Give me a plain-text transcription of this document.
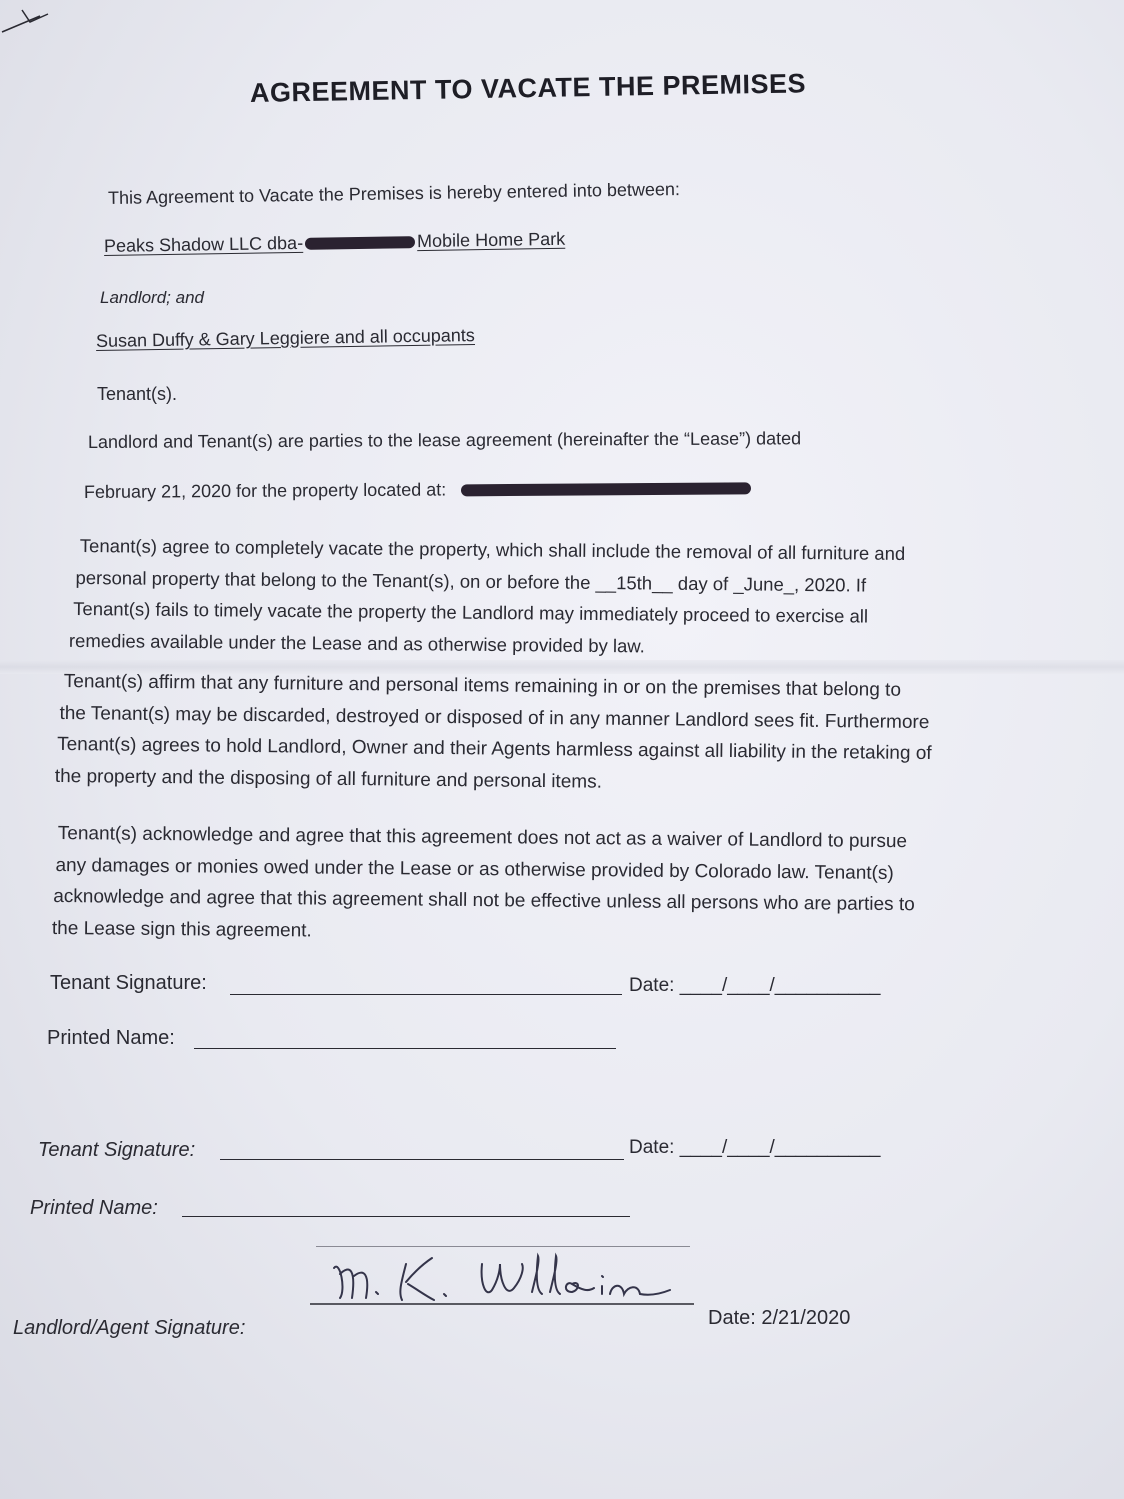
AGREEMENT TO VACATE THE PREMISES
This Agreement to Vacate the Premises is hereby entered into between:
Peaks Shadow LLC dba-	Mobile Home Park
Landlord; and
Susan Duffy & Gary Leggiere and all occupants
Tenant(s).
Landlord and Tenant(s) are parties to the lease agreement (hereinafter the “Lease”) dated
February 21, 2020 for the property located at:

Tenant(s) agree to completely vacate the property, which shall include the removal of all furniture and

personal property that belong to the Tenant(s), on or before the __15th__ day of _June_, 2020. If

Tenant(s) fails to timely vacate the property the Landlord may immediately proceed to exercise all

remedies available under the Lease and as otherwise provided by law.

Tenant(s) affirm that any furniture and personal items remaining in or on the premises that belong to

the Tenant(s) may be discarded, destroyed or disposed of in any manner Landlord sees fit. Furthermore

Tenant(s) agrees to hold Landlord, Owner and their Agents harmless against all liability in the retaking of

the property and the disposing of all furniture and personal items.

Tenant(s) acknowledge and agree that this agreement does not act as a waiver of Landlord to pursue

any damages or monies owed under the Lease or as otherwise provided by Colorado law. Tenant(s)

acknowledge and agree that this agreement shall not be effective unless all persons who are parties to

the Lease sign this agreement.

Tenant Signature:	Date: ____/____/__________
Printed Name:
Tenant Signature:	Date: ____/____/__________
Printed Name:
Landlord/Agent Signature:	Date: 2/21/2020
